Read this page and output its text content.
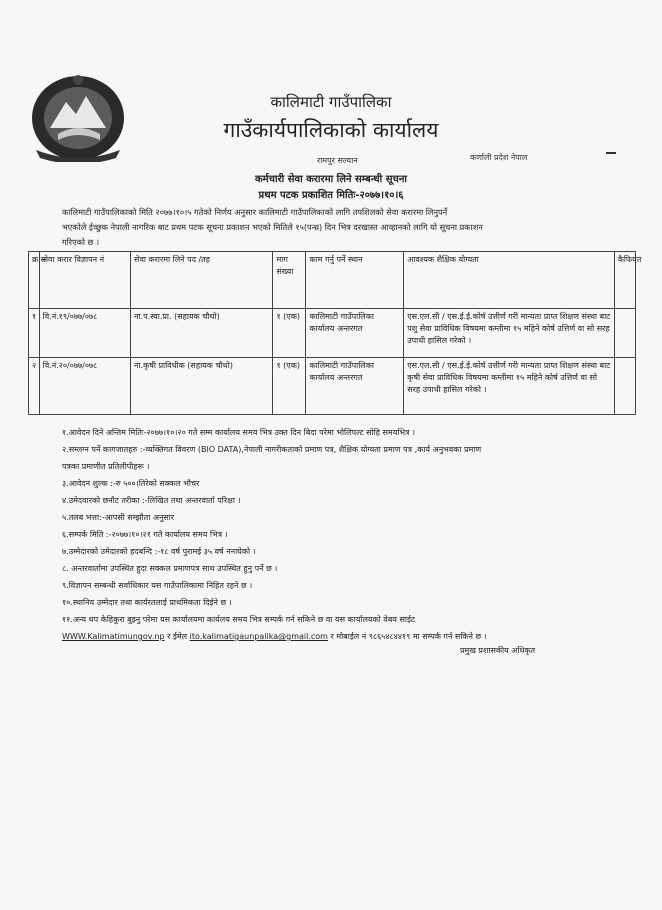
कालिमाटी गाउँपालिका
गाउँकार्यपालिकाको कार्यालय
रामपुर सल्यान	कर्णाली प्रदेश नेपाल
कर्मचारी सेवा करारमा लिने सम्बन्धी सूचना
प्रथम पटक प्रकाशित मितिः-२०७७।१०।६
कालिमाटी गाउँपालिकाको मिति २०७७।१०।५ गतेको निर्णय अनुसार कालिमाटी गाउँपालिकाको लागि तपशिलको सेवा करारमा लिनुपर्ने
भएकोले ईच्छुक नेपाली नागरिक बाट प्रथम पटक सूचना प्रकाशन भएको मितिले १५(पन्ध्र) दिन भित्र दरखास्त आव्हानको लागि यो सूचना प्रकाशन
गरिएको छ ।
क्र.स	सेवा करार विज्ञापन नं	सेवा करारमा लिने पद /तह	माग संख्या	काम गर्नु पर्ने स्थान	आवश्यक शैक्षिक योग्यता	कैफियत
१	वि.नं.१९/०७७/०७८	ना.प.स्वा.प्रा. (सहायक चौथो)	१ (एक)	कालिमाटी गाउँपालिका कार्यालय अन्तरगत	एस.एल.सी / एस.ई.ई.कोर्ष उत्तीर्ण गरी मान्यता प्राप्त शिक्षण संस्था बाट पशु सेवा प्राविधिक विषयमा कम्तीमा १५ महिने कोर्ष उत्तिर्ण वा सो सरह उपाधी हासिल गरेको ।	
२	वि.नं.२०/०७७/०७८	ना.कृषी प्राविधीक (सहायक चौथो)	१ (एक)	कालिमाटी गाउँपालिका कार्यालय अन्तरगत	एस.एल.सी / एस.ई.ई.कोर्ष उत्तीर्ण गरी मान्यता प्राप्त शिक्षण संस्था बाट कृषी सेवा प्राविधिक विषयमा कम्तीमा १५ महिने कोर्ष उत्तिर्ण वा सो सरह उपाधी हासिल गरेको ।	
१.आवेदन दिने अन्तिम मितिः-२०७७।१०।२० गते सम्म कार्यालय समय भित्र उक्त दिन बिदा परेमा भोलिपल्ट सोहि समयभित्र ।
२.सम्लग्न पर्ने कागजातहरु :-व्यक्तिगत विवरण (BIO DATA),नेपाली नागरीकताको प्रमाण पत्र, शैक्षिक योग्यता प्रमाण पत्र ,कार्य अनुभवका प्रमाण
पत्रका प्रमाणीत प्रतिलीपीहरू ।
३.आवेदन शुल्क :-रु ५००।तिरेको सक्कल भौचर
४.उमेदवारको छनौट तरीका :-लिखित तथा अन्तरवार्ता परिक्षा ।
५.तलब भत्ता:-आपसी सम्झौता अनुसार
६.सम्पर्क मिति :-२०७७।१०।२१ गते कार्यालय समय भित्र ।
७.उम्मेदारको उमेदारको हदबन्दि :-१८ वर्ष पुरामई ३५ वर्ष ननाघेको ।
८. अन्तरवार्तामा उपस्थित हुदा सक्कल प्रमाणपत्र साथ उपस्थित हुनु पर्ने छ ।
९.विज्ञापन सम्बन्धी सर्वाधिकार यस गाउँपालिकामा निहित रहने छ ।
१०.स्थानिय उम्मेदार तथा कार्यरतलाई प्राथमिकता दिईने छ ।
११.अन्य थप केहिकुरा बुझ्नु परेमा यस कार्यालयमा कार्यलय समय भित्र सम्पर्क गर्न सकिने छ वा यस कार्यालयको वेबय साईट
WWW.Kalimatimungov.np र ईमेल ito.kalimatigaunpalika@gmail.com र मोबाईल नं ९८६५४८४४१९ मा सम्पर्क गर्न सकिने छ ।
प्रमुख प्रशासकीय अधिकृत
